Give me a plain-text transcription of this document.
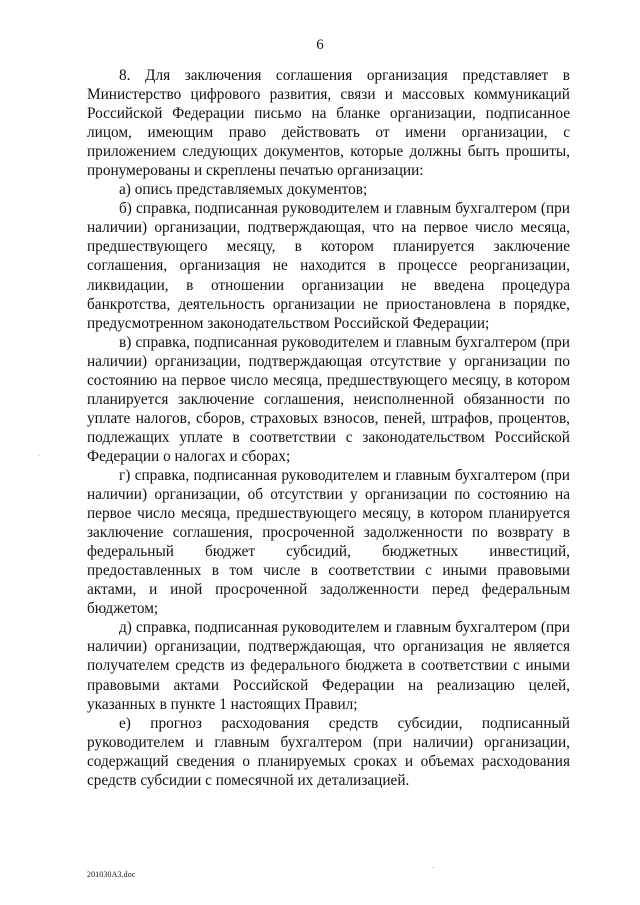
6

8. Для заключения соглашения организация представляет в Министерство цифрового развития, связи и массовых коммуникаций Российской Федерации письмо на бланке организации, подписанное лицом, имеющим право действовать от имени организации, с приложением следующих документов, которые должны быть прошиты, пронумерованы и скреплены печатью организации:

а) опись представляемых документов;

б) справка, подписанная руководителем и главным бухгалтером (при наличии) организации, подтверждающая, что на первое число месяца, предшествующего месяцу, в котором планируется заключение соглашения, организация не находится в процессе реорганизации, ликвидации, в отношении организации не введена процедура банкротства, деятельность организации не приостановлена в порядке, предусмотренном законодательством Российской Федерации;

в) справка, подписанная руководителем и главным бухгалтером (при наличии) организации, подтверждающая отсутствие у организации по состоянию на первое число месяца, предшествующего месяцу, в котором планируется заключение соглашения, неисполненной обязанности по уплате налогов, сборов, страховых взносов, пеней, штрафов, процентов, подлежащих уплате в соответствии с законодательством Российской Федерации о налогах и сборах;

г) справка, подписанная руководителем и главным бухгалтером (при наличии) организации, об отсутствии у организации по состоянию на первое число месяца, предшествующего месяцу, в котором планируется заключение соглашения, просроченной задолженности по возврату в федеральный бюджет субсидий, бюджетных инвестиций, предоставленных в том числе в соответствии с иными правовыми актами, и иной просроченной задолженности перед федеральным бюджетом;

д) справка, подписанная руководителем и главным бухгалтером (при наличии) организации, подтверждающая, что организация не является получателем средств из федерального бюджета в соответствии с иными правовыми актами Российской Федерации на реализацию целей, указанных в пункте 1 настоящих Правил;

е) прогноз расходования средств субсидии, подписанный руководителем и главным бухгалтером (при наличии) организации, содержащий сведения о планируемых сроках и объемах расходования средств субсидии с помесячной их детализацией.

·
·
201030А3.doc
